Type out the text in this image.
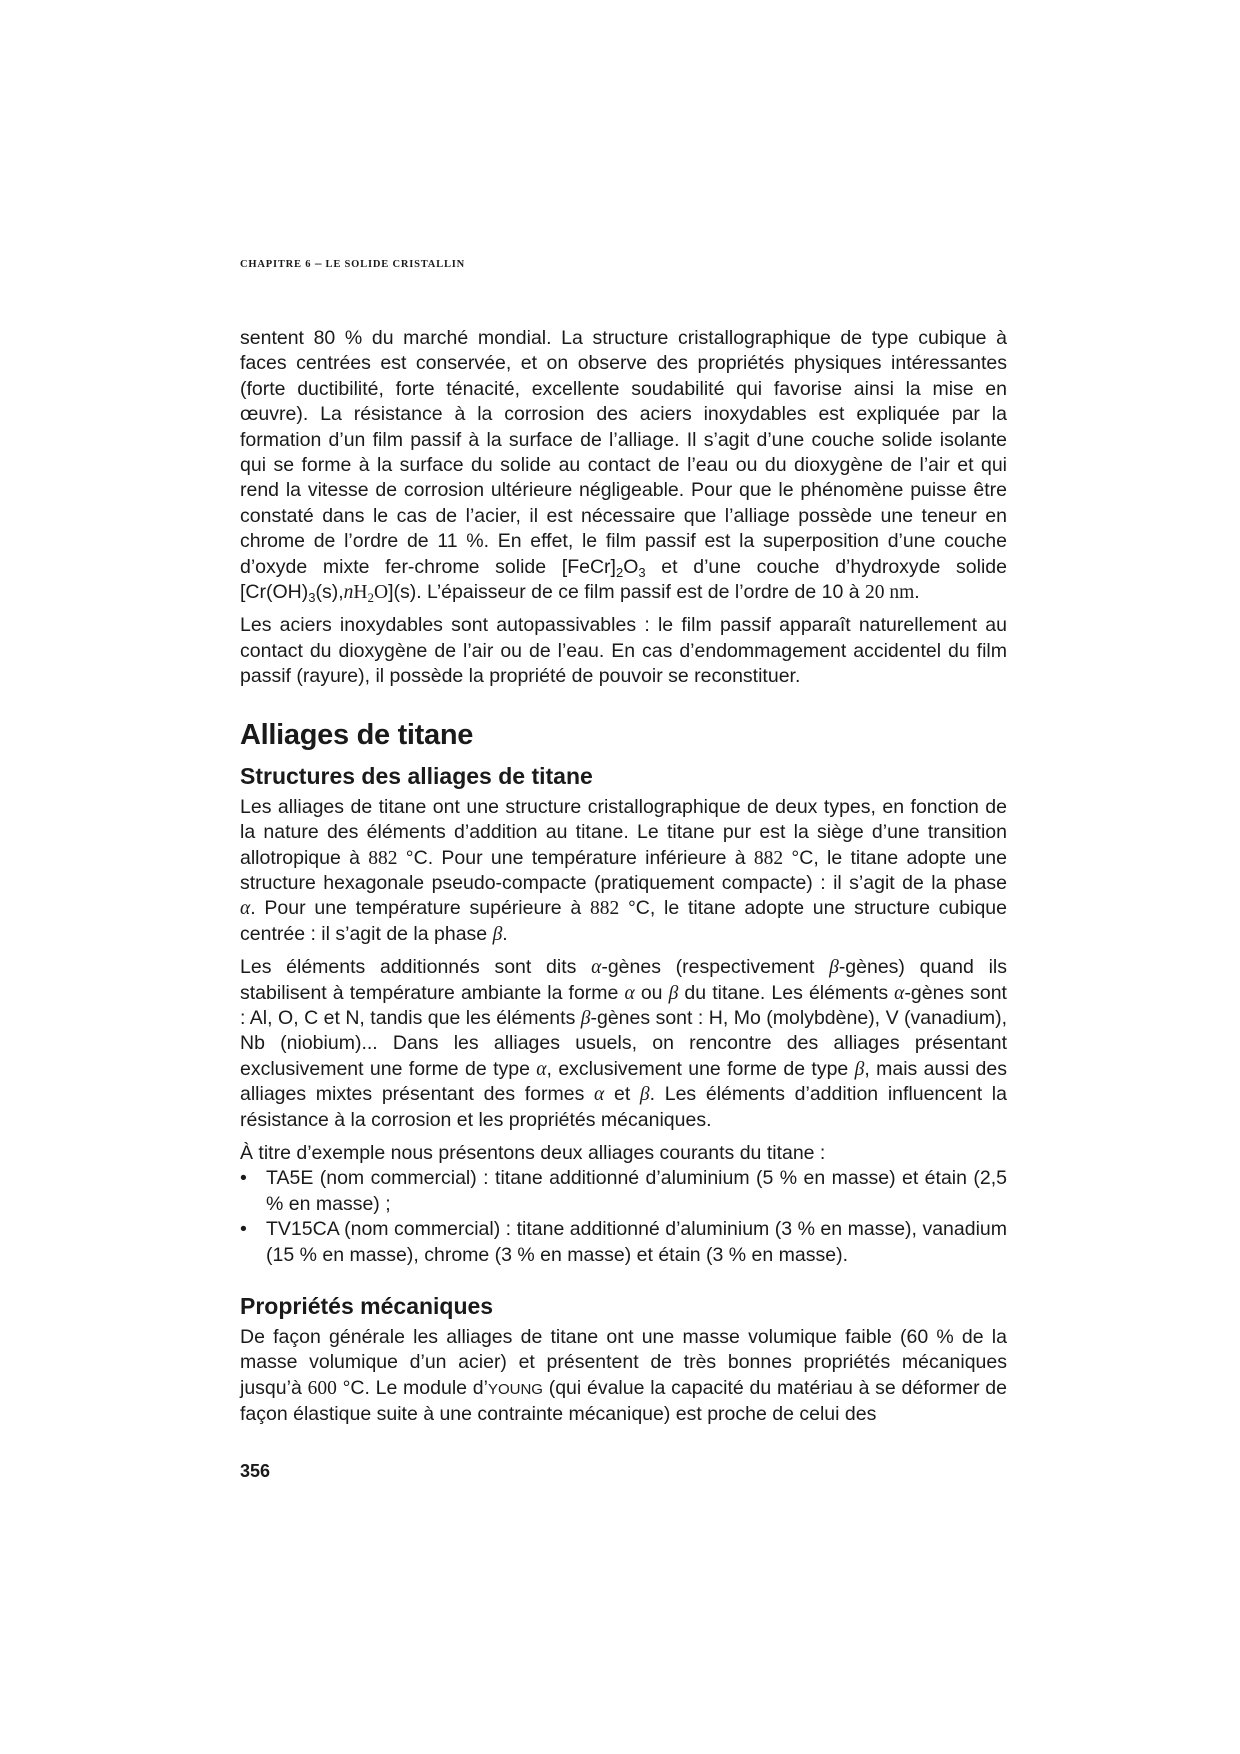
CHAPITRE 6 – LE SOLIDE CRISTALLIN

sentent 80 % du marché mondial. La structure cristallographique de type cubique à faces centrées est conservée, et on observe des propriétés physiques intéressantes (forte ductibilité, forte ténacité, excellente soudabilité qui favorise ainsi la mise en œuvre). La résistance à la corrosion des aciers inoxydables est expliquée par la formation d’un film passif à la surface de l’alliage. Il s’agit d’une couche solide isolante qui se forme à la surface du solide au contact de l’eau ou du dioxygène de l’air et qui rend la vitesse de corrosion ultérieure négligeable. Pour que le phénomène puisse être constaté dans le cas de l’acier, il est nécessaire que l’alliage possède une teneur en chrome de l’ordre de 11 %. En effet, le film passif est la superposition d’une couche d’oxyde mixte fer-chrome solide $[FeCr]_2O_3$ et d’une couche d’hydroxyde solide $[Cr(OH)_3(s),nH_2O](s)$. L’épaisseur de ce film passif est de l’ordre de 10 à 20 nm.

Les aciers inoxydables sont autopassivables : le film passif apparaît naturellement au contact du dioxygène de l’air ou de l’eau. En cas d’endommagement accidentel du film passif (rayure), il possède la propriété de pouvoir se reconstituer.

Alliages de titane
Structures des alliages de titane

Les alliages de titane ont une structure cristallographique de deux types, en fonction de la nature des éléments d’addition au titane. Le titane pur est la siège d’une transition allotropique à 882 °C. Pour une température inférieure à 882 °C, le titane adopte une structure hexagonale pseudo-compacte (pratiquement compacte) : il s’agit de la phase α. Pour une température supérieure à 882 °C, le titane adopte une structure cubique centrée : il s’agit de la phase β.

Les éléments additionnés sont dits α-gènes (respectivement β-gènes) quand ils stabilisent à température ambiante la forme α ou β du titane. Les éléments α-gènes sont : Al, O, C et N, tandis que les éléments β-gènes sont : H, Mo (molybdène), V (vanadium), Nb (niobium)... Dans les alliages usuels, on rencontre des alliages présentant exclusivement une forme de type α, exclusivement une forme de type β, mais aussi des alliages mixtes présentant des formes α et β. Les éléments d’addition influencent la résistance à la corrosion et les propriétés mécaniques.

À titre d’exemple nous présentons deux alliages courants du titane :

• TA5E (nom commercial) : titane additionné d’aluminium (5 % en masse) et étain (2,5 % en masse) ;
• TV15CA (nom commercial) : titane additionné d’aluminium (3 % en masse), vanadium (15 % en masse), chrome (3 % en masse) et étain (3 % en masse).
Propriétés mécaniques

De façon générale les alliages de titane ont une masse volumique faible (60 % de la masse volumique d’un acier) et présentent de très bonnes propriétés mécaniques jusqu’à 600 °C. Le module d’YOUNG (qui évalue la capacité du matériau à se déformer de façon élastique suite à une contrainte mécanique) est proche de celui des

356
